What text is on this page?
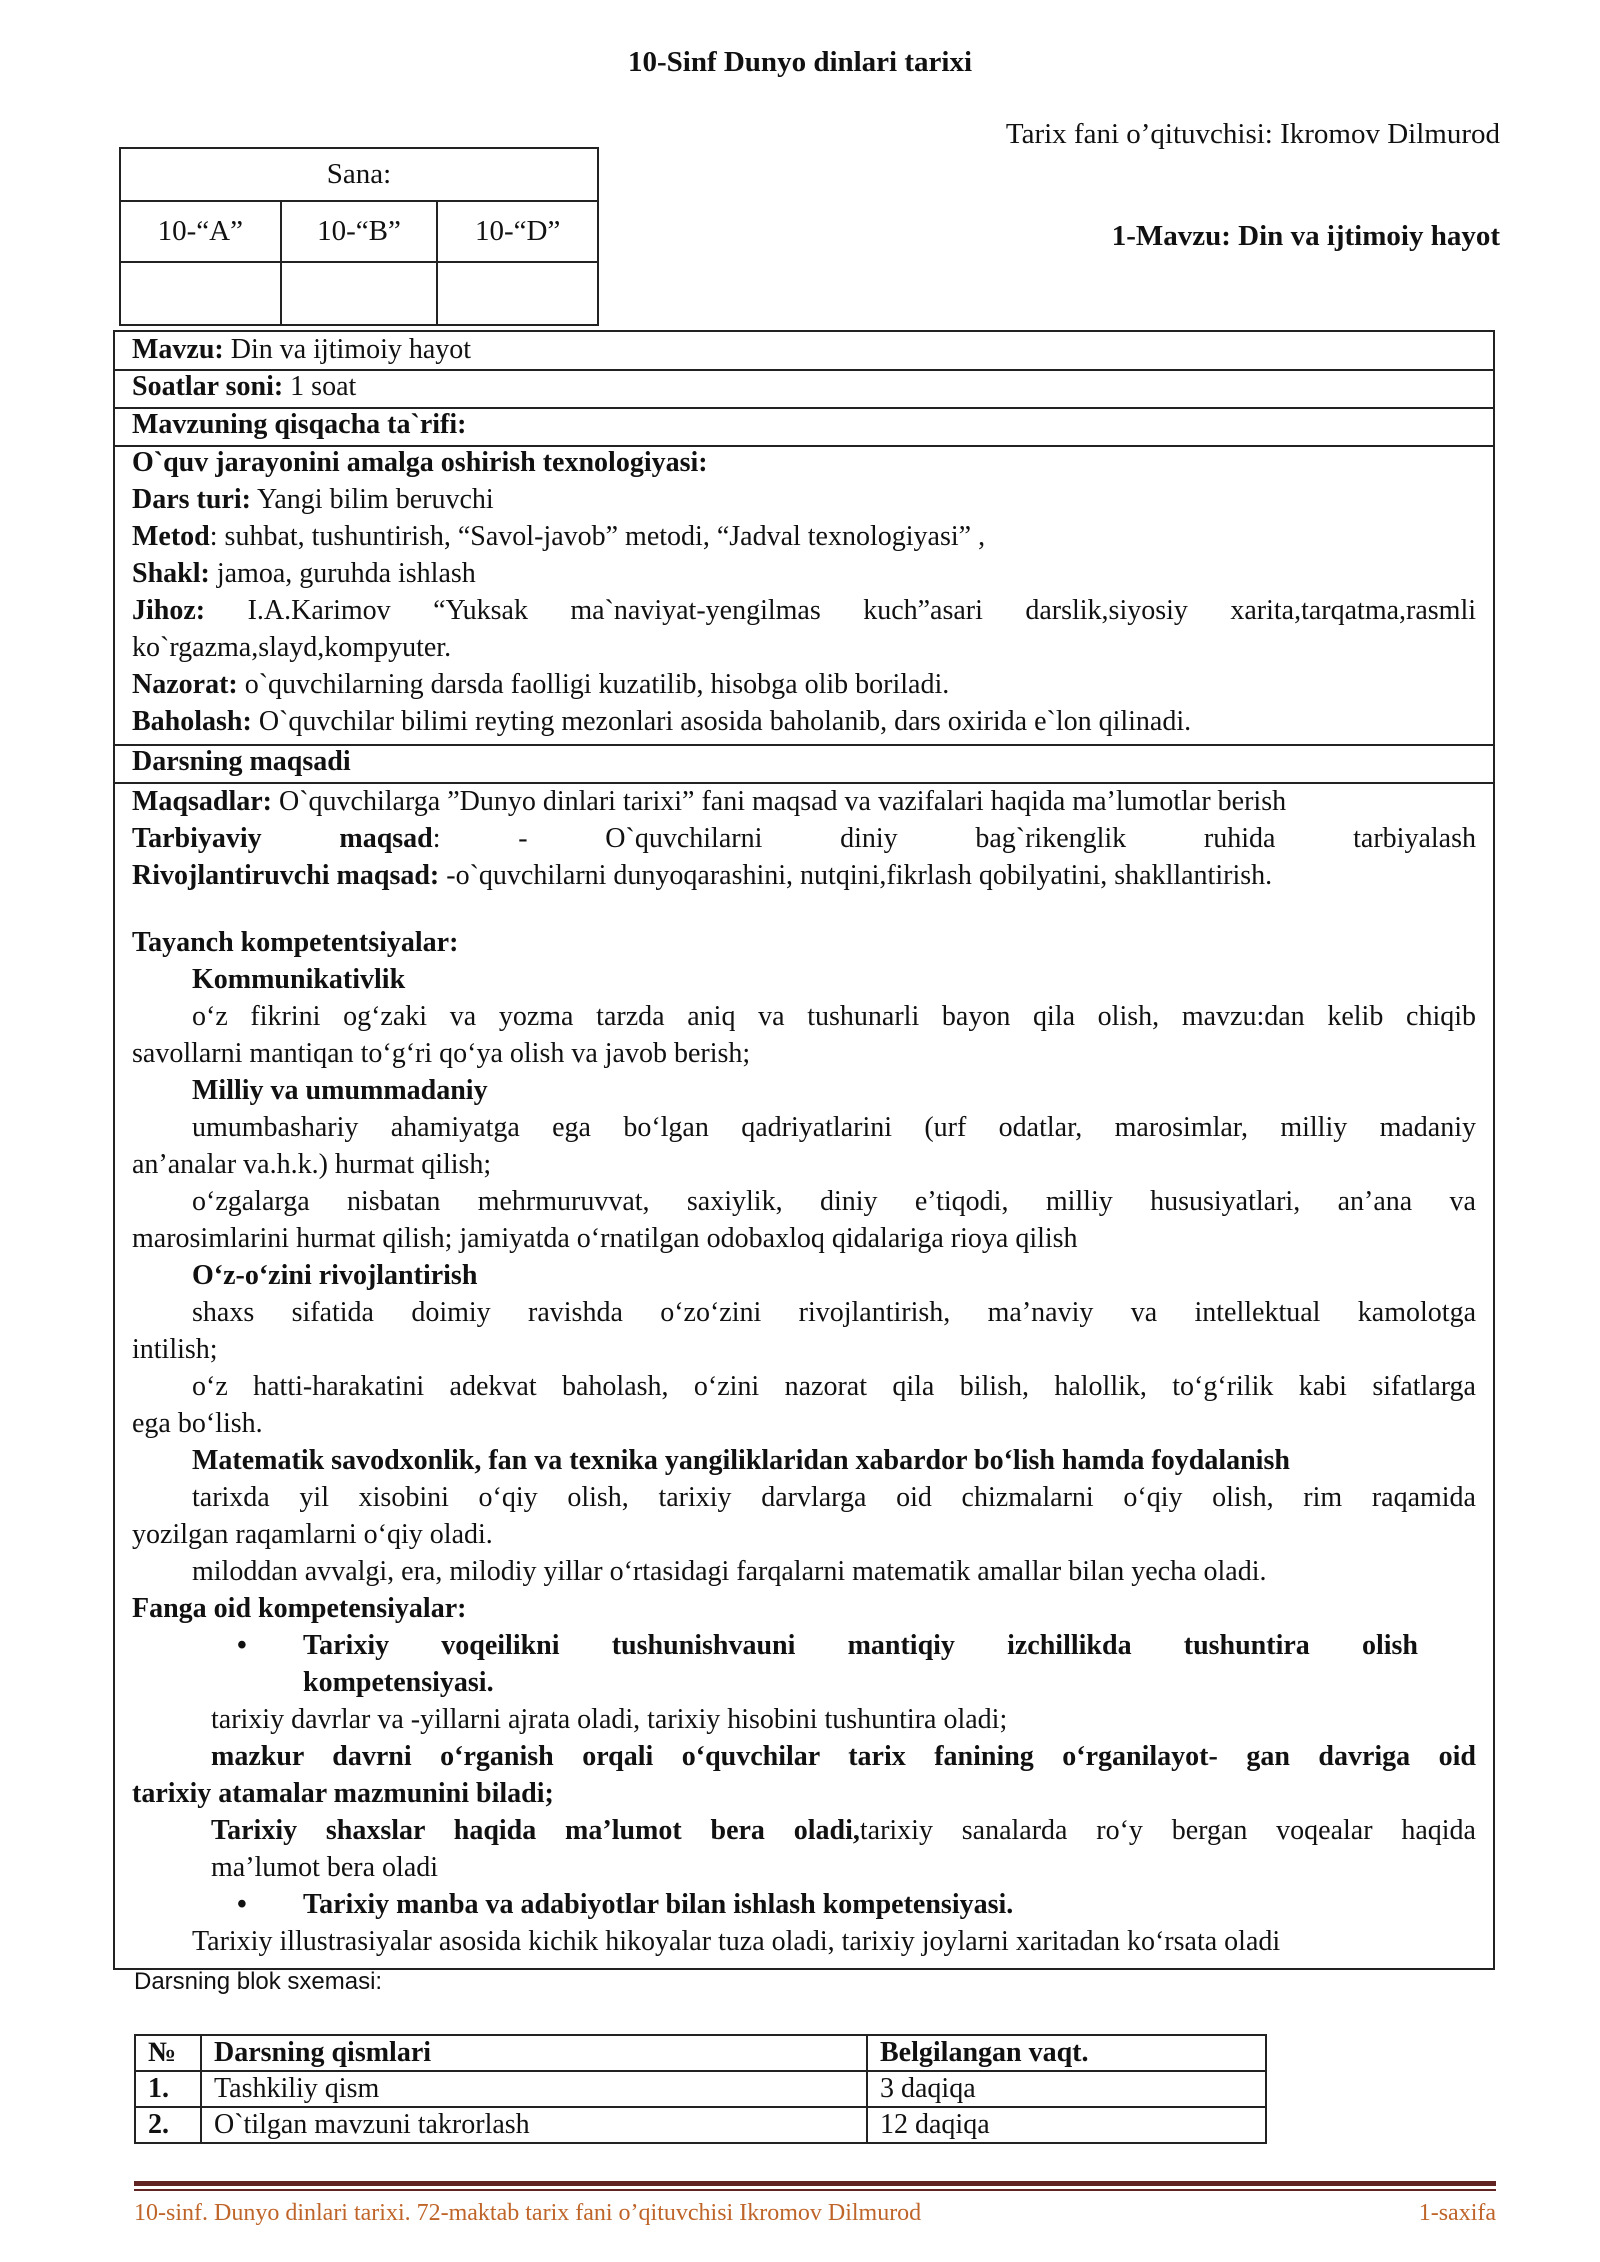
10-Sinf Dunyo dinlari tarixi
Tarix fani o’qituvchisi: Ikromov Dilmurod
1-Mavzu: Din va ijtimoiy hayot
Sana:		
10-“A”	10-“B”	10-“D”

Mavzu: Din va ijtimoiy hayot
Soatlar soni: 1 soat
Mavzuning qisqacha ta`rifi:
O`quv jarayonini amalga oshirish texnologiyasi:
Dars turi: Yangi bilim beruvchi
Metod: suhbat, tushuntirish, “Savol-javob” metodi, “Jadval texnologiyasi” ,
Shakl: jamoa, guruhda ishlash
Jihoz: I.A.Karimov “Yuksak ma`naviyat-yengilmas kuch”asari darslik,siyosiy xarita,tarqatma,rasmli
ko`rgazma,slayd,kompyuter.
Nazorat: o`quvchilarning darsda faolligi kuzatilib, hisobga olib boriladi.
Baholash: O`quvchilar bilimi reyting mezonlari asosida baholanib, dars oxirida e`lon qilinadi.
Darsning maqsadi
Maqsadlar: O`quvchilarga ”Dunyo dinlari tarixi” fani maqsad va vazifalari haqida ma’lumotlar berish
Tarbiyaviy maqsad: - O`quvchilarni diniy bag`rikenglik ruhida tarbiyalash
Rivojlantiruvchi maqsad: -o`quvchilarni dunyoqarashini, nutqini,fikrlash qobilyatini, shakllantirish.
Tayanch kompetentsiyalar:
Kommunikativlik
o‘z fikrini og‘zaki va yozma tarzda aniq va tushunarli bayon qila olish, mavzu:dan kelib chiqib
savollarni mantiqan to‘g‘ri qo‘ya olish va javob berish;
Milliy va umummadaniy
umumbashariy ahamiyatga ega bo‘lgan qadriyatlarini (urf odatlar, marosimlar, milliy madaniy
an’analar va.h.k.) hurmat qilish;
o‘zgalarga nisbatan mehrmuruvvat, saxiylik, diniy e’tiqodi, milliy hususiyatlari, an’ana va
marosimlarini hurmat qilish; jamiyatda o‘rnatilgan odobaxloq qidalariga rioya qilish
O‘z-o‘zini rivojlantirish
shaxs sifatida doimiy ravishda o‘zo‘zini rivojlantirish, ma’naviy va intellektual kamolotga
intilish;
o‘z hatti-harakatini adekvat baholash, o‘zini nazorat qila bilish, halollik, to‘g‘rilik kabi sifatlarga
ega bo‘lish.
Matematik savodxonlik, fan va texnika yangiliklaridan xabardor bo‘lish hamda foydalanish
tarixda yil xisobini o‘qiy olish, tarixiy darvlarga oid chizmalarni o‘qiy olish, rim raqamida
yozilgan raqamlarni o‘qiy oladi.
miloddan avvalgi, era, milodiy yillar o‘rtasidagi farqalarni matematik amallar bilan yecha oladi.
Fanga oid kompetensiyalar:
•	Tarixiy voqeilikni tushunishvauni mantiqiy izchillikda tushuntira olish
kompetensiyasi.
tarixiy davrlar va -yillarni ajrata oladi, tarixiy hisobini tushuntira oladi;
mazkur davrni o‘rganish orqali o‘quvchilar tarix fanining o‘rganilayot- gan davriga oid
tarixiy atamalar mazmunini biladi;
Tarixiy shaxslar haqida ma’lumot bera oladi,tarixiy sanalarda ro‘y bergan voqealar haqida
ma’lumot bera oladi
•	Tarixiy manba va adabiyotlar bilan ishlash kompetensiyasi.
Tarixiy illustrasiyalar asosida kichik hikoyalar tuza oladi, tarixiy joylarni xaritadan ko‘rsata oladi
Darsning blok sxemasi:
№	Darsning qismlari	Belgilangan vaqt.
1.	Tashkiliy qism	3 daqiqa
2.	O`tilgan mavzuni takrorlash	12 daqiqa
10-sinf. Dunyo dinlari tarixi. 72-maktab tarix fani o’qituvchisi Ikromov Dilmurod	1-saxifa
